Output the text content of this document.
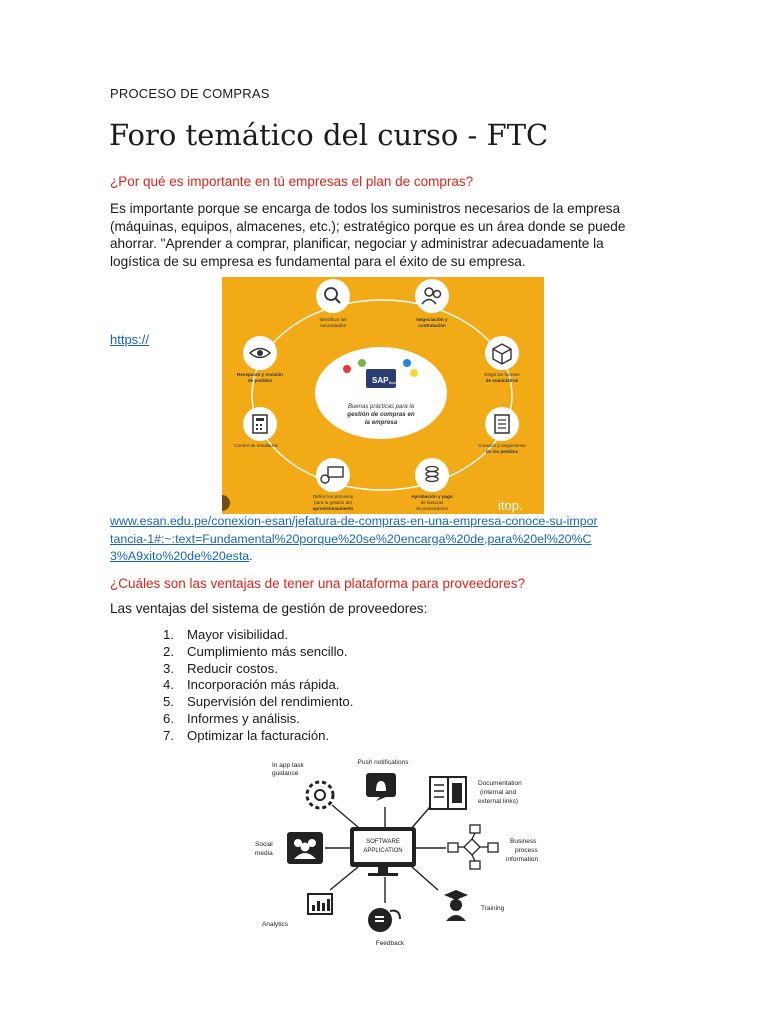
PROCESO DE COMPRAS
Foro temático del curso - FTC
¿Por qué es importante en tú empresas el plan de compras?
Es importante porque se encarga de todos los suministros necesarios de la empresa (máquinas, equipos, almacenes, etc.); estratégico porque es un área donde se puede ahorrar. "Aprender a comprar, planificar, negociar y administrar adecuadamente la logística de su empresa es fundamental para el éxito de su empresa.
https://
SAP Business One
Buenas prácticas para la
gestión de compras en
la empresa
Identificar las
necesidades
Negociación y
contratación
Recepción y revisión
de pedidos
Elegir las fuentes
de suministros
Control de resultados	Creación y seguimiento
de los pedidos
Definir los procesos
para la gestión del
aprovisionamiento
Aprobación y pago
de facturas
de proveedores	itop.
www.esan.edu.pe/conexion-esan/jefatura-de-compras-en-una-empresa-conoce-su-importancia-1#:~:text=Fundamental%20porque%20se%20encarga%20de,para%20el%20%C3%A9xito%20de%20esta.
¿Cuáles son las ventajas de tener una plataforma para proveedores?
Las ventajas del sistema de gestión de proveedores:
1. Mayor visibilidad.
2. Cumplimiento más sencillo.
3. Reducir costos.
4. Incorporación más rápida.
5. Supervisión del rendimiento.
6. Informes y análisis.
7. Optimizar la facturación.
SOFTWARE
APPLICATION
In app task
guidance
Push notifications
Documentation
(internal and
external links)
Social
media
Business
process
information
Analytics
Feedback
Training
